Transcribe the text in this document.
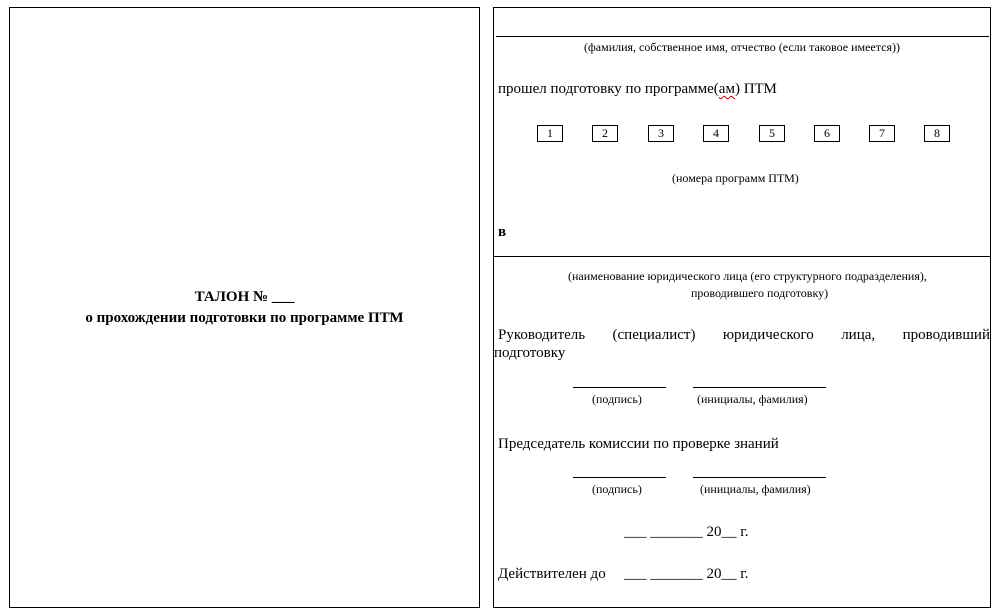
ТАЛОН № ___
о прохождении подготовки по программе ПТМ
(фамилия, собственное имя, отчество (если таковое имеется))
прошел подготовку по программе(ам) ПТМ
1	2	3	4	5	6	7	8
(номера программ ПТМ)
в
(наименование юридического лица (его структурного подразделения),
проводившего подготовку)
Руководитель (специалист) юридического лица, проводивший
подготовку
(подпись)	(инициалы, фамилия)
Председатель комиссии по проверке знаний
(подпись)	(инициалы, фамилия)
___ _______ 20__ г.
Действителен до ___ _______ 20__ г.
